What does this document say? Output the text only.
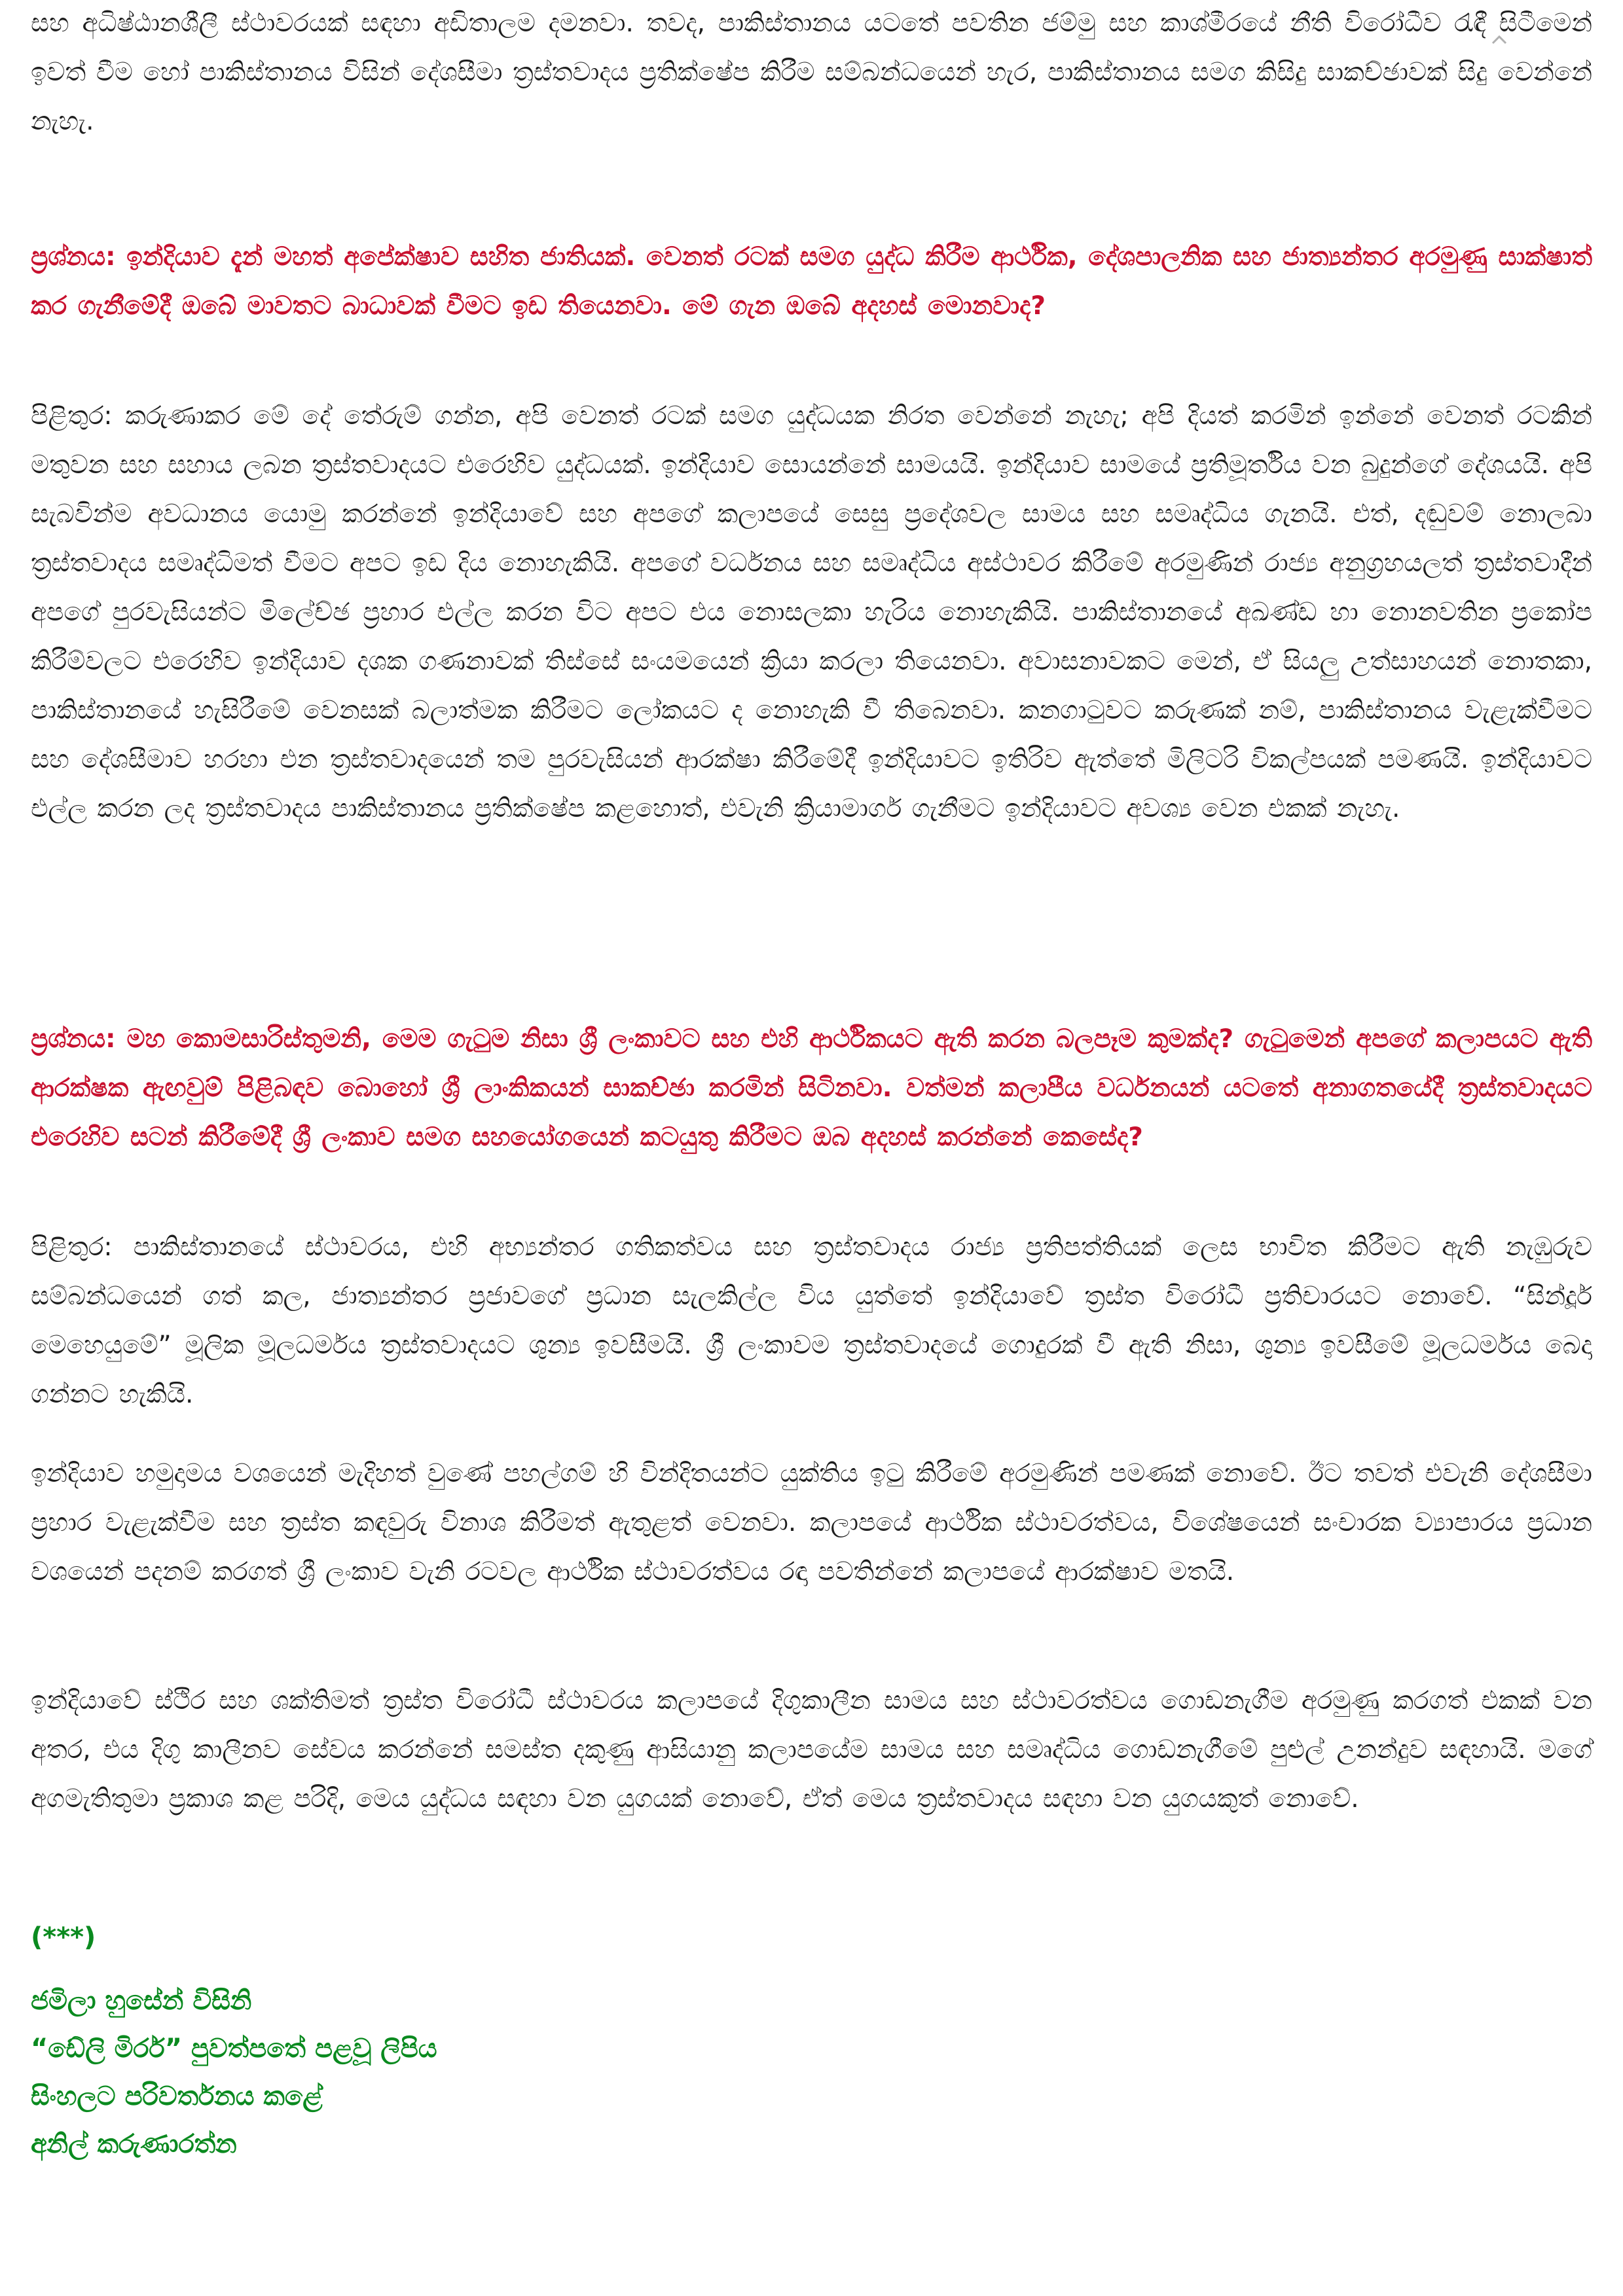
සහ අධිෂ්ඨානශීලී ස්ථාවරයක් සඳහා අඩිතාලම දමනවා. තවද, පාකිස්තානය යටතේ පවතින ජම්මු සහ කාශ්මීරයේ නීති විරෝධීව රැඳී සිටීමෙන් ඉවත් වීම හෝ පාකිස්තානය විසින් දේශසීමා ත්‍රස්තවාදය ප්‍රතික්ෂේප කිරීම සම්බන්ධයෙන් හැර, පාකිස්තානය සමග කිසිදු සාකච්ඡාවක් සිදු වෙන්නේ නැහැ.

ප්‍රශ්නය: ඉන්දියාව දැන් මහත් අපේක්ෂාව සහිත ජාතියක්. වෙනත් රටක් සමග යුද්ධ කිරීම ආර්ථික, දේශපාලනික සහ ජාත්‍යන්තර අරමුණු සාක්ෂාත් කර ගැනීමේදී ඔබේ මාවතට බාධාවක් වීමට ඉඩ තියෙනවා. මේ ගැන ඔබේ අදහස් මොනවාද?

පිළිතුර: කරුණාකර මේ දේ තේරුම් ගන්න, අපි වෙනත් රටක් සමග යුද්ධයක නිරත වෙන්නේ නැහැ; අපි දියත් කරමින් ඉන්නේ වෙනත් රටකින් මතුවන සහ සහාය ලබන ත්‍රස්තවාදයට එරෙහිව යුද්ධයක්. ඉන්දියාව සොයන්නේ සාමයයි. ඉන්දියාව සාමයේ ප්‍රතිමූර්තිය වන බුදුන්ගේ දේශයයි. අපි සැබවින්ම අවධානය යොමු කරන්නේ ඉන්දියාවේ සහ අපගේ කලාපයේ සෙසු ප්‍රදේශවල සාමය සහ සමෘද්ධිය ගැනයි. එත්, දඬුවම් නොලබා ත්‍රස්තවාදය සමෘද්ධිමත් වීමට අපට ඉඩ දිය නොහැකියි. අපගේ වර්ධනය සහ සමෘද්ධිය අස්ථාවර කිරීමේ අරමුණින් රාජ්‍ය අනුග්‍රහයලත් ත්‍රස්තවාදීන් අපගේ පුරවැසියන්ට මිලේච්ඡ ප්‍රහාර එල්ල කරන විට අපට එය නොසලකා හැරිය නොහැකියි. පාකිස්තානයේ අඛණ්ඩ හා නොනවතින ප්‍රකෝප කිරීම්වලට එරෙහිව ඉන්දියාව දශක ගණනාවක් තිස්සේ සංයමයෙන් ක්‍රියා කරලා තියෙනවා. අවාසනාවකට මෙන්, ඒ සියලු උත්සාහයන් නොතකා, පාකිස්තානයේ හැසිරීමේ වෙනසක් බලාත්මක කිරීමට ලෝකයට ද නොහැකි වී තිබෙනවා. කනගාටුවට කරුණක් නම්, පාකිස්තානය වැළැක්වීමට සහ දේශසීමාව හරහා එන ත්‍රස්තවාදයෙන් තම පුරවැසියන් ආරක්ෂා කිරීමේදී ඉන්දියාවට ඉතිරිව ඇත්තේ මිලිටරි විකල්පයක් පමණයි. ඉන්දියාවට එල්ල කරන ලද ත්‍රස්තවාදය පාකිස්තානය ප්‍රතික්ෂේප කළහොත්, එවැනි ක්‍රියාමාර්ග ගැනීමට ඉන්දියාවට අවශ්‍ය වෙන එකක් නැහැ.

ප්‍රශ්නය: මහ කොමසාරිස්තුමනි, මෙම ගැටුම නිසා ශ්‍රී ලංකාවට සහ එහි ආර්ථිකයට ඇති කරන බලපෑම කුමක්ද? ගැටුමෙන් අපගේ කලාපයට ඇති ආරක්ෂක ඇඟවුම් පිළිබඳව බොහෝ ශ්‍රී ලාංකිකයන් සාකච්ඡා කරමින් සිටිනවා. වත්මන් කලාපීය වර්ධනයන් යටතේ අනාගතයේදී ත්‍රස්තවාදයට එරෙහිව සටන් කිරීමේදී ශ්‍රී ලංකාව සමග සහයෝගයෙන් කටයුතු කිරීමට ඔබ අදහස් කරන්නේ කෙසේද?

පිළිතුර: පාකිස්තානයේ ස්ථාවරය, එහි අභ්‍යන්තර ගතිකත්වය සහ ත්‍රස්තවාදය රාජ්‍ය ප්‍රතිපත්තියක් ලෙස භාවිත කිරීමට ඇති නැඹුරුව සම්බන්ධයෙන් ගත් කල, ජාත්‍යන්තර ප්‍රජාවගේ ප්‍රධාන සැලකිල්ල විය යුත්තේ ඉන්දියාවේ ත්‍රස්ත විරෝධී ප්‍රතිචාරයට නොවේ. “සින්දූර් මෙහෙයුමේ” මූලික මූලධර්මය ත්‍රස්තවාදයට ශුන්‍ය ඉවසීමයි. ශ්‍රී ලංකාවම ත්‍රස්තවාදයේ ගොදුරක් වී ඇති නිසා, ශුන්‍ය ඉවසීමේ මූලධර්මය බෙදා ගන්නට හැකියි.

ඉන්දියාව හමුදාමය වශයෙන් මැදිහත් වුණේ පහල්ගම් හි වින්දිතයන්ට යුක්තිය ඉටු කිරීමේ අරමුණින් පමණක් නොවේ. ඊට තවත් එවැනි දේශසීමා ප්‍රහාර වැළැක්වීම සහ ත්‍රස්ත කඳවුරු විනාශ කිරීමත් ඇතුළත් වෙනවා. කලාපයේ ආර්ථික ස්ථාවරත්වය, විශේෂයෙන් සංචාරක ව්‍යාපාරය ප්‍රධාන වශයෙන් පදනම් කරගත් ශ්‍රී ලංකාව වැනි රටවල ආර්ථික ස්ථාවරත්වය රඳා පවතින්නේ කලාපයේ ආරක්ෂාව මතයි.

ඉන්දියාවේ ස්ථිර සහ ශක්තිමත් ත්‍රස්ත විරෝධී ස්ථාවරය කලාපයේ දිගුකාලීන සාමය සහ ස්ථාවරත්වය ගොඩනැගීම අරමුණු කරගත් එකක් වන අතර, එය දිගු කාලීනව සේවය කරන්නේ සමස්ත දකුණු ආසියානු කලාපයේම සාමය සහ සමෘද්ධිය ගොඩනැගීමේ පුළුල් උනන්දුව සඳහායි. මගේ අගමැතිතුමා ප්‍රකාශ කළ පරිදි, මෙය යුද්ධය සඳහා වන යුගයක් නොවේ, ඒත් මෙය ත්‍රස්තවාදය සඳහා වන යුගයකුත් නොවේ.

(***)

ජමිලා හුසේන් විසිනි

“ඩේලි මිරර්” පුවත්පතේ පළවූ ලිපිය

සිංහලට පරිවර්තනය කළේ

අනිල් කරුණාරත්න
